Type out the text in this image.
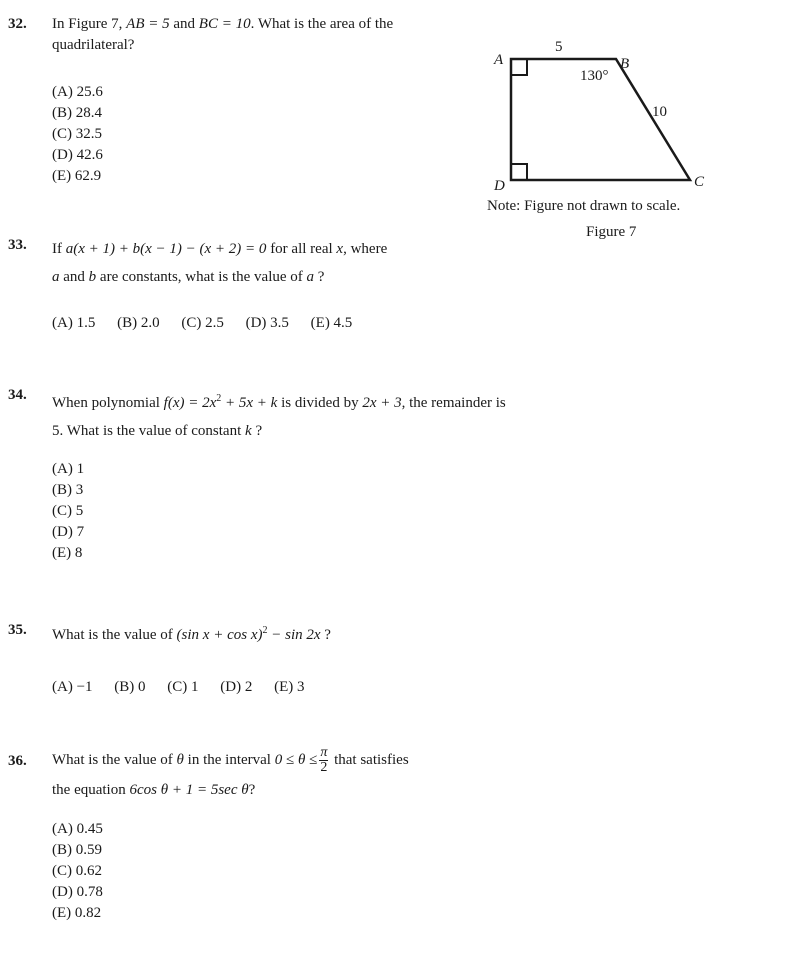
32. In Figure 7, AB = 5 and BC = 10. What is the area of the quadrilateral?
(A) 25.6
(B) 28.4
(C) 32.5
(D) 42.6
(E) 62.9
A	B
C
D
5
10
130°
Note: Figure not drawn to scale.
Figure 7
33. If a(x + 1) + b(x − 1) − (x + 2) = 0 for all real x, where
a and b are constants, what is the value of a ?
(A) 1.5 (B) 2.0 (C) 2.5 (D) 3.5 (E) 4.5
34. When polynomial $f(x) = 2x^2 + 5x + k$ is divided by 2x + 3, the remainder is 5. What is the value of constant k ?
(A) 1
(B) 3
(C) 5
(D) 7
(E) 8
35. What is the value of (sin x + cos x)$^2$ − sin 2x ?
(A) −1 (B) 0 (C) 1 (D) 2 (E) 3
36. What is the value of θ in the interval $0 \le \theta \le \frac{\pi}{2}$ that satisfies
the equation 6cos θ + 1 = 5sec θ?
(A) 0.45
(B) 0.59
(C) 0.62
(D) 0.78
(E) 0.82
